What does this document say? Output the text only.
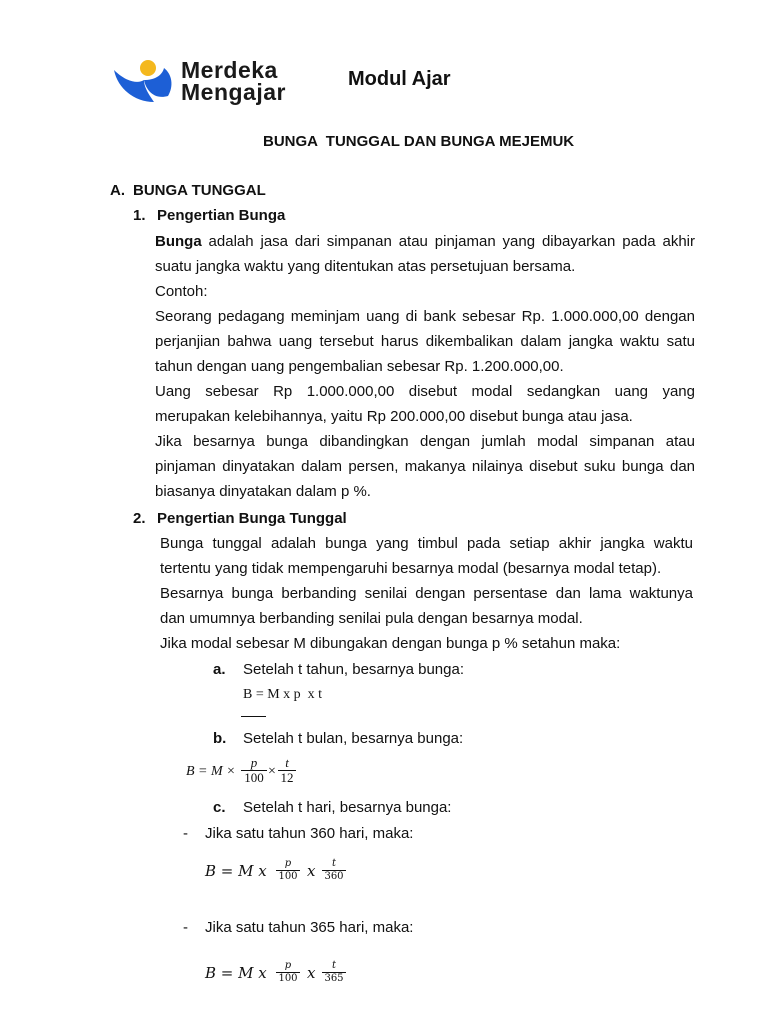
Merdeka
Mengajar	Modul Ajar
BUNGA  TUNGGAL DAN BUNGA MEJEMUK
A. BUNGA TUNGGAL
1. Pengertian Bunga
Bunga adalah jasa dari simpanan atau pinjaman yang dibayarkan pada akhir
suatu jangka waktu yang ditentukan atas persetujuan bersama.
Contoh:
Seorang pedagang meminjam uang di bank sebesar Rp. 1.000.000,00 dengan
perjanjian bahwa uang tersebut harus dikembalikan dalam jangka waktu satu
tahun dengan uang pengembalian sebesar Rp. 1.200.000,00.
Uang sebesar Rp 1.000.000,00 disebut modal sedangkan uang yang
merupakan kelebihannya, yaitu Rp 200.000,00 disebut bunga atau jasa.
Jika besarnya bunga dibandingkan dengan jumlah modal simpanan atau
pinjaman dinyatakan dalam persen, makanya nilainya disebut suku bunga dan
biasanya dinyatakan dalam p %.
2. Pengertian Bunga Tunggal
Bunga tunggal adalah bunga yang timbul pada setiap akhir jangka waktu
tertentu yang tidak mempengaruhi besarnya modal (besarnya modal tetap).
Besarnya bunga berbanding senilai dengan persentase dan lama waktunya
dan umumnya berbanding senilai pula dengan besarnya modal.
Jika modal sebesar M dibungakan dengan bunga p % setahun maka:
a. Setelah t tahun, besarnya bunga:
B = M x p  x t
b. Setelah t bulan, besarnya bunga:
B = M ×
p
100 ×
t
12
c. Setelah t hari, besarnya bunga:
- Jika satu tahun 360 hari, maka:
𝐵 = 𝑀 𝑥	𝑝
100 𝑥	𝑡
360
- Jika satu tahun 365 hari, maka:
𝐵 = 𝑀 𝑥	𝑝
100 𝑥	𝑡
365
